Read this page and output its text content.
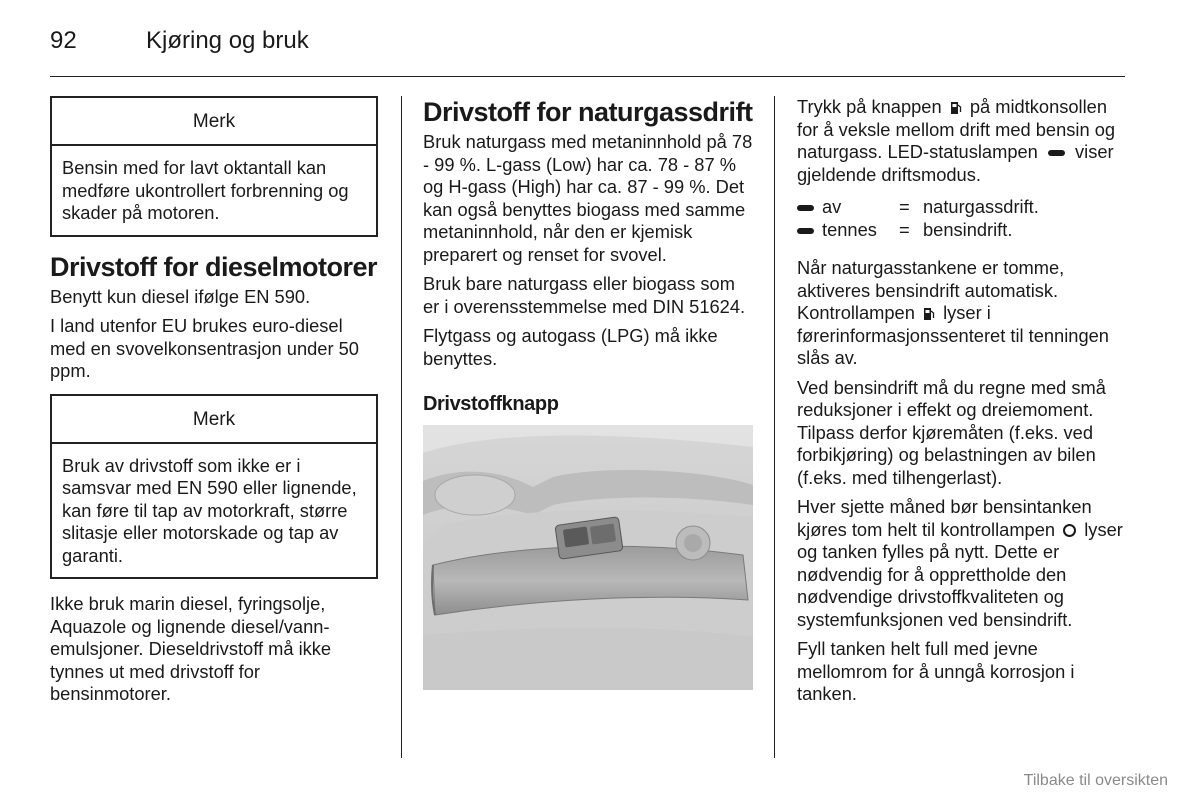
92	Kjøring og bruk
Merk
Bensin med for lavt oktantall kan medføre ukontrollert forbrenning og skader på motoren.
Drivstoff for dieselmotorer

Benytt kun diesel ifølge EN 590.

I land utenfor EU brukes euro-diesel med en svovelkonsentrasjon under 50 ppm.

Merk
Bruk av drivstoff som ikke er i samsvar med EN 590 eller lignende, kan føre til tap av motorkraft, større slitasje eller motorskade og tap av garanti.

Ikke bruk marin diesel, fyringsolje, Aquazole og lignende diesel/vann-emulsjoner. Dieseldrivstoff må ikke tynnes ut med drivstoff for bensinmotorer.

Drivstoff for naturgassdrift

Bruk naturgass med metaninnhold på 78 - 99 %. L-gass (Low) har ca. 78 - 87 % og H-gass (High) har ca. 87 - 99 %. Det kan også benyttes biogass med samme metaninnhold, når den er kjemisk preparert og renset for svovel.

Bruk bare naturgass eller biogass som er i overensstemmelse med DIN 51624.

Flytgass og autogass (LPG) må ikke benyttes.

Drivstoffknapp

Trykk på knappen på midtkonsollen for å veksle mellom drift med bensin og naturgass. LED-statuslampen viser gjeldende driftsmodus.

av	= naturgassdrift.
tennes	= bensindrift.

Når naturgasstankene er tomme, aktiveres bensindrift automatisk. Kontrollampen lyser i førerinformasjonssenteret til tenningen slås av.

Ved bensindrift må du regne med små reduksjoner i effekt og dreiemoment. Tilpass derfor kjøremåten (f.eks. ved forbikjøring) og belastningen av bilen (f.eks. med tilhengerlast).

Hver sjette måned bør bensintanken kjøres tom helt til kontrollampen lyser og tanken fylles på nytt. Dette er nødvendig for å opprettholde den nødvendige drivstoffkvaliteten og systemfunksjonen ved bensindrift.

Fyll tanken helt full med jevne mellomrom for å unngå korrosjon i tanken.

Tilbake til oversikten
